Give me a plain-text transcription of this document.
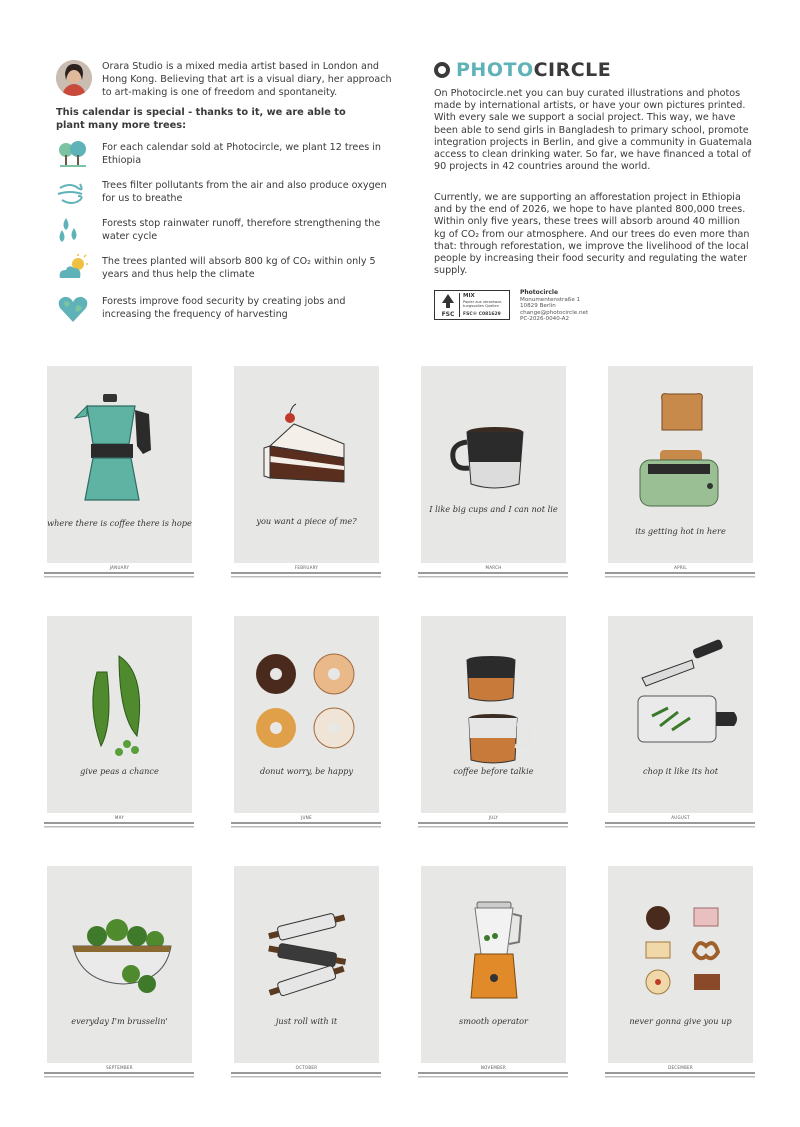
Orara Studio is a mixed media artist based in London and Hong Kong. Believing that art is a visual diary, her approach to art-making is one of freedom and spontaneity.
This calendar is special - thanks to it, we are able to plant many more trees:
For each calendar sold at Photocircle, we plant 12 trees in Ethiopia
Trees filter pollutants from the air and also produce oxygen for us to breathe
Forests stop rainwater runoff, therefore strengthening the water cycle
The trees planted will absorb 800 kg of CO₂ within only 5 years and thus help the climate
Forests improve food security by creating jobs and increasing the frequency of harvesting
PHOTO CIRCLE
On Photocircle.net you can buy curated illustrations and photos made by international artists, or have your own pictures printed. With every sale we support a social project. This way, we have been able to send girls in Bangladesh to primary school, promote integration projects in Berlin, and give a community in Guatemala access to clean drinking water. So far, we have financed a total of 90 projects in 42 countries around the world.
Currently, we are supporting an afforestation project in Ethiopia and by the end of 2026, we hope to have planted 800,000 trees. Within only five years, these trees will absorb around 40 million kg of CO₂ from our atmosphere. And our trees do even more than that: through reforestation, we improve the livelihood of the local people by increasing their food security and regulating the water supply.
FSC
MIX
Papier aus verantwor-tungsvollen Quellen
FSC® C081629
Photocircle
Monumentenstraße 1
10829 Berlin
change@photocircle.net
PC-2026-0040-A2
where there is coffee there is hope	you want a piece of me?
I like big cups and I can not lie
its getting hot in here
give peas a chance	donut worry, be happy	coffee before talkie	chop it like its hot
everyday I'm brusselin'	just roll with it	smooth operator	never gonna give you up
JANUARY	FEBRUARY	MARCH	APRIL
MAY	JUNE	JULY	AUGUST
SEPTEMBER	OCTOBER	NOVEMBER	DECEMBER
